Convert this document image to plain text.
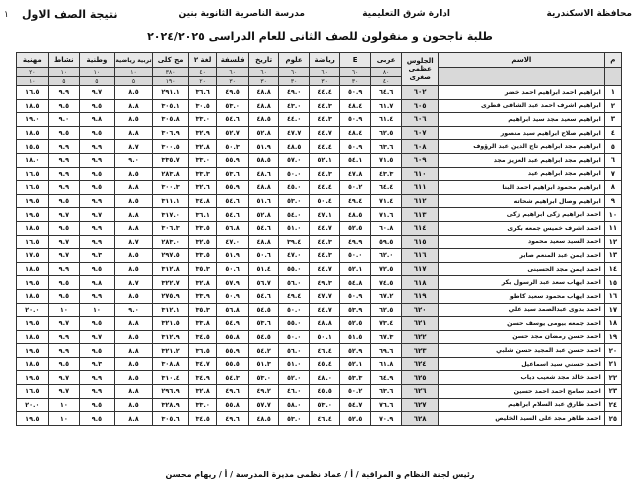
محافظة الاسكندرية
ادارة شرق التعليمية
مدرسة الناصرية الثانوية بنين
نتيجة الصف الاول
١
طلبة ناجحون و منقولون للصف الثانى للعام الدراسى ٢٠٢٤/٢٠٢٥
م	الاسم	الجلوس
عظمى
صغرى	عربى	E	رياضة	علوم	تاريخ	فلسفة	لغة ٢	مج كلى	تربية رياضية	وطنية	نشاط	مهنية
			٨٠	٦٠	٦٠	٦٠	٦٠	٦٠	٤٠	٣٨٠	١٠	١٠	١٠	٢٠
			٤٠	٣٠	٣٠	٣٠	٣٠	٣٠	٢٠	١٩٠	٥	٥	٥	١٠
١	ابراهيم احمد ابراهيم احمد خضر	٦٠٢	٦٤.٦	٥٠.٩	٤٤.٤	٤٩.٠	٤٨.٨	٤٩.٥	٣٦.٦	٢٩١.١	٨.٥	٩.٧	٩.٩	١٦.٥
٢	ابراهيم اشرف احمد عبد الشافى قطرى	٦٠٥	٦١.٧	٤٨.٤	٤٤.٣	٤٣.٠	٤٨.٨	٥٣.٠	٣٠.٥	٣٠٥.١	٨.٨	٩.٥	٩.٥	١٨.٥
٣	ابراهيم سعيد مجد سيد ابراهيم	٦٠٦	٦١.٤	٥٠.٩	٤٤.٣	٤٤.٠	٤٨.٥	٥٤.٦	٣٣.٠	٣٠٥.٨	٨.٥	٩.٨	٩.٠	١٩.٠
٤	ابراهيم صلاح ابراهيم سيد منصور	٦٠٧	٦٢.٥	٤٨.٤	٤٤.٧	٤٧.٧	٥٢.٨	٥٢.٧	٣٢.٩	٣٠٦.٩	٨.٨	٩.٥	٩.٥	١٨.٥
٥	ابراهيم مجد ابراهيم تاج الدين عبد الرؤوف	٦٠٨	٦٣.٦	٥٠.٩	٤٤.٤	٤٨.٥	٥١.٩	٥٠.٣	٣٢.٨	٣٠٠.٥	٨.٧	٩.٩	٩.٩	١٥.٥
٦	ابراهيم مجد ابراهيم عبد العزيز مجد	٦٠٩	٧١.٥	٥٤.١	٥٢.١	٥٧.٠	٥٨.٥	٥٥.٩	٣٣.٠	٣٣٥.٧	٩.٠	٩.٩	٩.٩	١٨.٠
٧	ابراهيم مجد ابراهيم عيد	٦١٠	٤٣.٣	٤٧.٨	٤٤.٣	٥٠.٠	٤٨.٦	٥٣.٦	٣٣.٣	٢٨٣.٨	٨.٥	٩.٥	٩.٩	١٦.٥
٨	ابراهيم محمود ابراهيم احمد البنا	٦١١	٦٤.٤	٥٠.٢	٤٤.٤	٤٥.٠	٤٨.٨	٥٥.٩	٣٢.٦	٣٠٠.٣	٨.٨	٩.٥	٩.٩	١٦.٥
٩	ابراهيم وصال ابراهيم شحاته	٦١٢	٧١.٤	٤٩.٤	٥٠.٤	٥٣.٠	٥١.٦	٥٤.٦	٣٤.٨	٣١١.١	٨.٥	٩.٩	٩.٥	١٩.٥
١٠	احمد ابراهيم زكى ابراهيم زكى	٦١٣	٧١.٦	٤٨.٥	٤٧.١	٥٤.٠	٥٢.٨	٥٤.٦	٣٦.١	٣١٧.٠	٨.٨	٩.٧	٩.٧	١٩.٥
١١	احمد اشرف خميس جمعه بكرى	٦١٤	٦٠.٨	٥٢.٥	٤٤.٧	٥١.٠	٥٤.٦	٥٦.٨	٣٣.٥	٣٠٦.٣	٨.٨	٩.٩	٩.٥	١٨.٥
١٢	احمد السيد سعيد محمود	٦١٥	٥٩.٥	٤٩.٩	٤٤.٣	٣٩.٤	٤٨.٨	٤٧.٠	٣٢.٥	٢٨٣.٠	٨.٧	٩.٩	٩.٧	١٦.٥
١٣	احمد ايمن عبد المنعم صابر	٦١٦	٦٢.٠	٥٠.٠	٤٤.٣	٤٧.٠	٥٠.٦	٥١.٩	٣٣.٥	٢٩٧.٥	٨.٥	٩.٣	٩.٧	١٧.٥
١٤	احمد ايمن مجد الحسينى	٦١٧	٧٢.٥	٥٢.١	٤٤.٧	٥٥.٠	٥١.٤	٥٠.٦	٣٥.٣	٣١٢.٨	٨.٥	٩.٥	٩.٩	١٨.٥
١٥	احمد ايهاب سعد عبد الرسول بكر	٦١٨	٧٤.٥	٥٤.٨	٤٩.٣	٥٦.٠	٥٦.٧	٥٧.٩	٣٢.٨	٣٢٢.٧	٨.٧	٩.٨	٩.٥	١٩.٥
١٦	احمد ايهاب محمود سعيد كاطو	٦١٩	٦٧.٢	٥٠.٩	٤٧.٧	٤٩.٤	٥٤.٦	٥٠.٩	٣٣.٩	٢٧٥.٩	٨.٥	٩.٩	٩.٥	١٨.٥
١٧	احمد بدوى عبدالصمد سيد علي	٦٢٠	٦٢.٥	٥٣.٩	٤٤.٧	٥٠.٠	٥٤.٥	٥٦.٨	٣٥.٣	٣١٢.١	٩.٠	١٠	١٠	٢٠.٠
١٨	احمد جمعه بيومى يوسف حسن	٦٢١	٧٣.٤	٥٢.٥	٤٨.٨	٥٥.٠	٥٣.٦	٥٤.٩	٣٣.٨	٣٢١.٥	٨.٨	٩.٥	٩.٧	١٩.٥
١٩	احمد حسن رمضان مجد حسن	٦٢٢	٦٧.٣	٥١.٥	٥٠.١	٥٠.٠	٥٤.٥	٥٥.٨	٣٤.٥	٣١٢.٩	٨.٥	٩.٧	٩.٩	١٨.٥
٢٠	احمد حسن عبد المجيد حسن شلبي	٦٢٣	٦٩.٦	٥٢.٩	٤٦.٤	٥٦.٠	٥٤.٢	٥٥.٩	٣٦.٥	٣٢١.٢	٨.٨	٩.٥	٩.٩	١٩.٥
٢١	احمد حسني سيد اسماعيل	٦٢٤	٦١.٨	٥٢.١	٤٥.٤	٥١.٠	٥١.٣	٥٥.٥	٣٤.٧	٣٠٨.٨	٨.٥	٩.٣	٩.٥	١٨.٥
٢٢	احمد خالد مجد شعيب دياب	٦٢٥	٦٤.٩	٥٣.٣	٤٨.٠	٥٢.٠	٥٣.٠	٥٤.٣	٣٤.٩	٣١٠.٤	٨.٥	٩.٩	٩.٧	١٩.٥
٢٣	احمد سامح احمد احمد حسين	٦٢٦	٦٣.٦	٥٠.٢	٤٥.٥	٤٦.٠	٤٩.٢	٤٩.٦	٣٢.٨	٢٩٦.٩	٨.٨	٩.٩	٩.٧	١٦.٥
٢٤	احمد طارق عبد السلام ابراهيم	٦٢٧	٧٦.٦	٥٤.٧	٥٣.٠	٥٨.٠	٥٧.٧	٥٥.٨	٣٣.٠	٣٢٨.٩	٨.٥	٩.٥	١٠	٢٠.٠
٢٥	احمد طاهر مجد على السيد الخليص	٦٢٨	٧٠.٩	٥٢.٥	٤٦.٤	٥٣.٠	٤٨.٥	٤٩.٦	٣٤.٥	٣٠٥.٦	٨.٨	٩.٥	١٠	١٩.٥
رئيس لجنة النظام و المراقبة / أ / عماد نظمى مديرة المدرسة / أ / ريهام محسن
